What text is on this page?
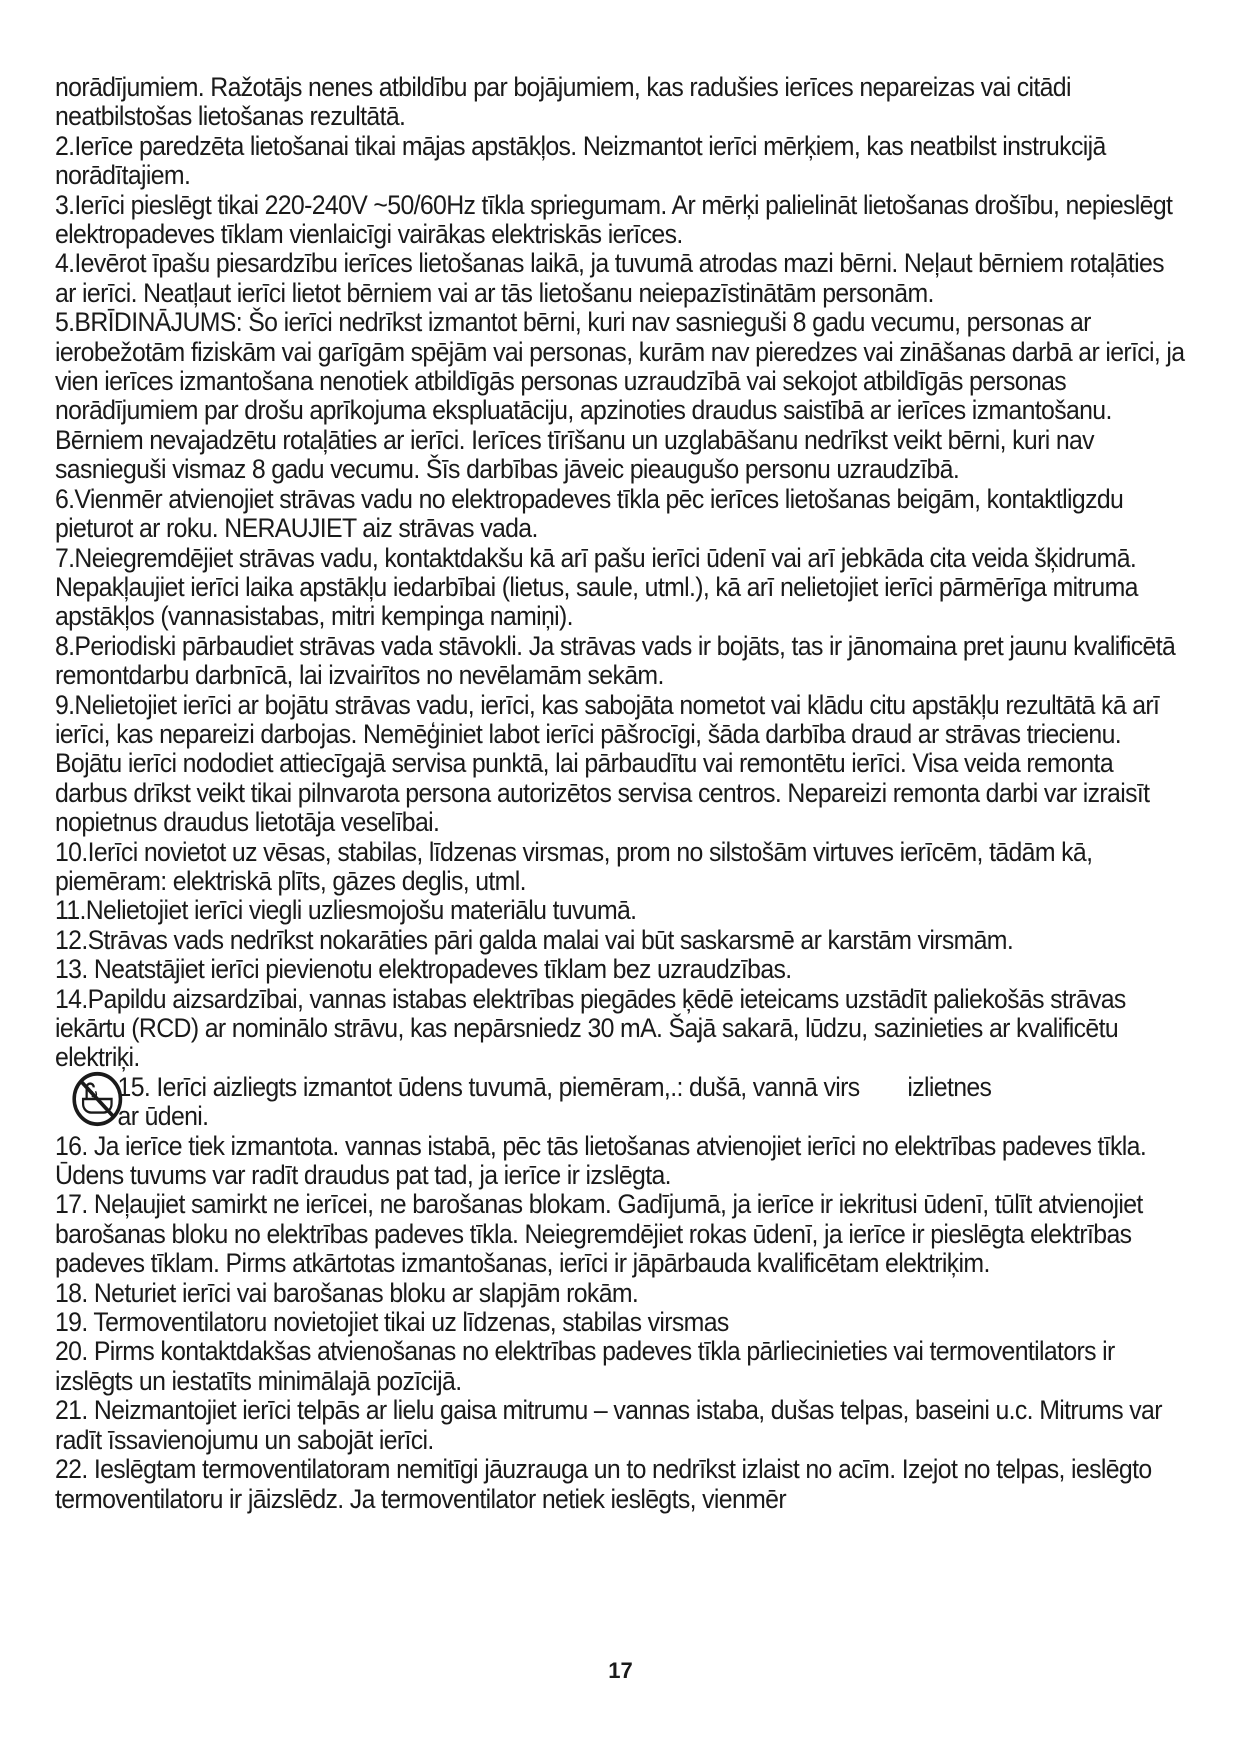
norādījumiem. Ražotājs nenes atbildību par bojājumiem, kas radušies ierīces nepareizas vai citādi neatbilstošas lietošanas rezultātā.

2.Ierīce paredzēta lietošanai tikai mājas apstākļos. Neizmantot ierīci mērķiem, kas neatbilst instrukcijā norādītajiem.

3.Ierīci pieslēgt tikai 220-240V ~50/60Hz tīkla spriegumam. Ar mērķi palielināt lietošanas drošību, nepieslēgt elektropadeves tīklam vienlaicīgi vairākas elektriskās ierīces.

4.Ievērot īpašu piesardzību ierīces lietošanas laikā, ja tuvumā atrodas mazi bērni. Neļaut bērniem rotaļāties ar ierīci. Neatļaut ierīci lietot bērniem vai ar tās lietošanu neiepazīstinātām personām.

5.BRĪDINĀJUMS: Šo ierīci nedrīkst izmantot bērni, kuri nav sasnieguši 8 gadu vecumu, personas ar ierobežotām fiziskām vai garīgām spējām vai personas, kurām nav pieredzes vai zināšanas darbā ar ierīci, ja vien ierīces izmantošana nenotiek atbildīgās personas uzraudzībā vai sekojot atbildīgās personas norādījumiem par drošu aprīkojuma ekspluatāciju, apzinoties draudus saistībā ar ierīces izmantošanu. Bērniem nevajadzētu rotaļāties ar ierīci. Ierīces tīrīšanu un uzglabāšanu nedrīkst veikt bērni, kuri nav sasnieguši vismaz 8 gadu vecumu. Šīs darbības jāveic pieaugušo personu uzraudzībā.

6.Vienmēr atvienojiet strāvas vadu no elektropadeves tīkla pēc ierīces lietošanas beigām, kontaktligzdu pieturot ar roku. NERAUJIET aiz strāvas vada.

7.Neiegremdējiet strāvas vadu, kontaktdakšu kā arī pašu ierīci ūdenī vai arī jebkāda cita veida šķidrumā. Nepakļaujiet ierīci laika apstākļu iedarbībai (lietus, saule, utml.), kā arī nelietojiet ierīci pārmērīga mitruma apstākļos (vannasistabas, mitri kempinga namiņi).

8.Periodiski pārbaudiet strāvas vada stāvokli. Ja strāvas vads ir bojāts, tas ir jānomaina pret jaunu kvalificētā remontdarbu darbnīcā, lai izvairītos no nevēlamām sekām.

9.Nelietojiet ierīci ar bojātu strāvas vadu, ierīci, kas sabojāta nometot vai klādu citu apstākļu rezultātā kā arī ierīci, kas nepareizi darbojas. Nemēģiniet labot ierīci pāšrocīgi, šāda darbība draud ar strāvas triecienu. Bojātu ierīci nododiet attiecīgajā servisa punktā, lai pārbaudītu vai remontētu ierīci. Visa veida remonta darbus drīkst veikt tikai pilnvarota persona autorizētos servisa centros. Nepareizi remonta darbi var izraisīt nopietnus draudus lietotāja veselībai.

10.Ierīci novietot uz vēsas, stabilas, līdzenas virsmas, prom no silstošām virtuves ierīcēm, tādām kā, piemēram: elektriskā plīts, gāzes deglis, utml.

11.Nelietojiet ierīci viegli uzliesmojošu materiālu tuvumā.

12.Strāvas vads nedrīkst nokarāties pāri galda malai vai būt saskarsmē ar karstām virsmām.

13. Neatstājiet ierīci pievienotu elektropadeves tīklam bez uzraudzības.

14.Papildu aizsardzībai, vannas istabas elektrības piegādes ķēdē ieteicams uzstādīt paliekošās strāvas iekārtu (RCD) ar nominālo strāvu, kas nepārsniedz 30 mA. Šajā sakarā, lūdzu, sazinieties ar kvalificētu elektriķi.

15. Ierīci aizliegts izmantot ūdens tuvumā, piemēram,.: dušā, vannā virs izlietnes
ar ūdeni.

16. Ja ierīce tiek izmantota. vannas istabā, pēc tās lietošanas atvienojiet ierīci no elektrības padeves tīkla. Ūdens tuvums var radīt draudus pat tad, ja ierīce ir izslēgta.

17. Neļaujiet samirkt ne ierīcei, ne barošanas blokam. Gadījumā, ja ierīce ir iekritusi ūdenī, tūlīt atvienojiet barošanas bloku no elektrības padeves tīkla. Neiegremdējiet rokas ūdenī, ja ierīce ir pieslēgta elektrības

padeves tīklam. Pirms atkārtotas izmantošanas, ierīci ir jāpārbauda kvalificētam elektriķim.

18. Neturiet ierīci vai barošanas bloku ar slapjām rokām.

19. Termoventilatoru novietojiet tikai uz līdzenas, stabilas virsmas

20. Pirms kontaktdakšas atvienošanas no elektrības padeves tīkla pārliecinieties vai termoventilators ir izslēgts un iestatīts minimālajā pozīcijā.

21. Neizmantojiet ierīci telpās ar lielu gaisa mitrumu – vannas istaba, dušas telpas, baseini u.c. Mitrums var radīt īssavienojumu un sabojāt ierīci.

22. Ieslēgtam termoventilatoram nemitīgi jāuzrauga un to nedrīkst izlaist no acīm. Izejot no telpas, ieslēgto termoventilatoru ir jāizslēdz. Ja termoventilator netiek ieslēgts, vienmēr

17
